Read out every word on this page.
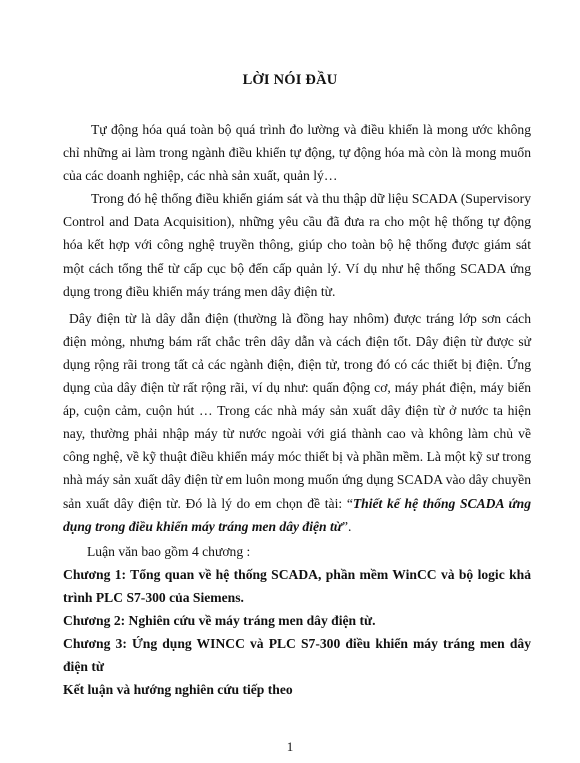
LỜI NÓI ĐẦU

Tự động hóa quá toàn bộ quá trình đo lường và điều khiển là mong ước không chỉ những ai làm trong ngành điều khiển tự động, tự động hóa mà còn là mong muốn của các doanh nghiệp, các nhà sản xuất, quản lý…

Trong đó hệ thống điều khiển giám sát và thu thập dữ liệu SCADA (Supervisory Control and Data Acquisition), những yêu cầu đã đưa ra cho một hệ thống tự động hóa kết hợp với công nghệ truyền thông, giúp cho toàn bộ hệ thống được giám sát một cách tổng thể từ cấp cục bộ đến cấp quản lý. Ví dụ như hệ thống SCADA ứng dụng trong điều khiển máy tráng men dây điện từ.

Dây điện từ là dây dẫn điện (thường là đồng hay nhôm) được tráng lớp sơn cách điện mỏng, nhưng bám rất chắc trên dây dẫn và cách điện tốt. Dây điện từ được sử dụng rộng rãi trong tất cả các ngành điện, điện tử, trong đó có các thiết bị điện. Ứng dụng của dây điện từ rất rộng rãi, ví dụ như: quấn động cơ, máy phát điện, máy biến áp, cuộn cảm, cuộn hút … Trong các nhà máy sản xuất dây điện từ ở nước ta hiện nay, thường phải nhập máy từ nước ngoài với giá thành cao và không làm chủ về công nghệ, về kỹ thuật điều khiển máy móc thiết bị và phần mềm. Là một kỹ sư trong nhà máy sản xuất dây điện từ em luôn mong muốn ứng dụng SCADA vào dây chuyền sản xuất dây điện từ. Đó là lý do em chọn đề tài: “Thiết kế hệ thống SCADA ứng dụng trong điều khiển máy tráng men dây điện từ”.

Luận văn bao gồm 4 chương :

Chương 1: Tổng quan về hệ thống SCADA, phần mềm WinCC và bộ logic khả trình PLC S7-300 của Siemens.

Chương 2: Nghiên cứu về máy tráng men dây điện từ.

Chương 3: Ứng dụng WINCC và PLC S7-300 điều khiển máy tráng men dây điện từ

Kết luận và hướng nghiên cứu tiếp theo

1
